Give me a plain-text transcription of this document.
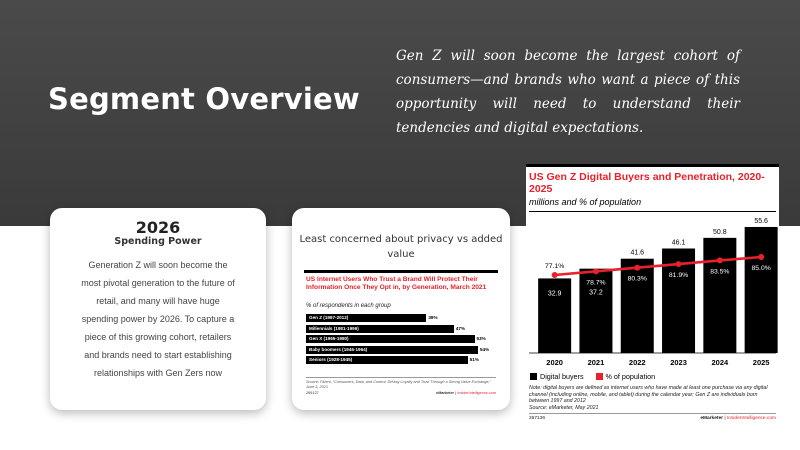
Segment Overview
Gen Z will soon become the largest cohort of consumers—and brands who want a piece of this opportunity will need to understand their tendencies and digital expectations.
2026
Spending Power
Generation Z will soon become the most pivotal generation to the future of retail, and many will have huge spending power by 2026. To capture a piece of this growing cohort, retailers and brands need to start establishing relationships with Gen Zers now
Least concerned about privacy vs added value
US Internet Users Who Trust a Brand Will Protect Their Information Once They Opt in, by Generation, March 2021
% of respondents in each group
Gen Z (1997-2012)	39%
Millennials (1981-1996)	47%
Gen X (1965-1980)	53%
Baby boomers (1946-1964)	54%
Seniors (1928-1945)	51%
Source: Fluent, "Consumers, Data, and Control: Driving Loyalty and Trust Through a Strong Value Exchange," June 3, 2021
265127	eMarketer | InsiderIntelligence.com
US Gen Z Digital Buyers and Penetration, 2020-2025
millions and % of population
32.9
2020
37.2
2021
41.6
2022
46.1
2023
50.8
2024
55.6
2025
77.1%
78.7%
80.3%
81.9%
83.5%	85.0%
Digital buyers	% of population
Note: digital buyers are defined as internet users who have made at least one purchase via any digital channel (including online, mobile, and tablet) during the calendar year; Gen Z are individuals born between 1997 and 2012
Source: eMarketer, May 2021
267136	eMarketer | InsiderIntelligence.com
